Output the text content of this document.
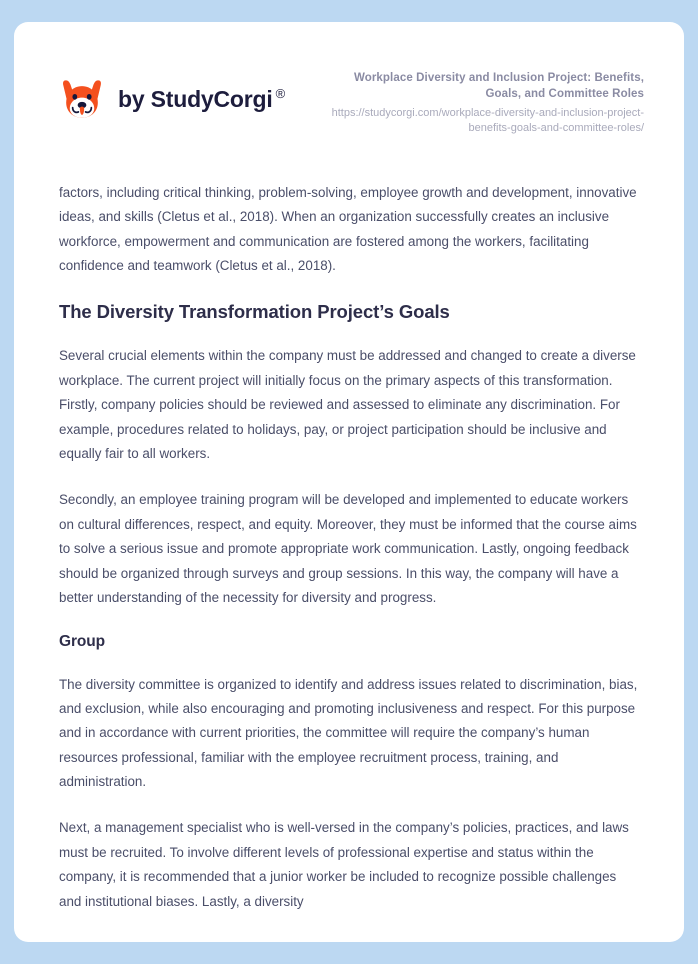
by StudyCorgi ®

Workplace Diversity and Inclusion Project: Benefits, Goals, and Committee Roles

https://studycorgi.com/workplace-diversity-and-inclusion-project-benefits-goals-and-committee-roles/

factors, including critical thinking, problem-solving, employee growth and development, innovative ideas, and skills (Cletus et al., 2018). When an organization successfully creates an inclusive workforce, empowerment and communication are fostered among the workers, facilitating confidence and teamwork (Cletus et al., 2018).

The Diversity Transformation Project’s Goals

Several crucial elements within the company must be addressed and changed to create a diverse workplace. The current project will initially focus on the primary aspects of this transformation. Firstly, company policies should be reviewed and assessed to eliminate any discrimination. For example, procedures related to holidays, pay, or project participation should be inclusive and equally fair to all workers.

Secondly, an employee training program will be developed and implemented to educate workers on cultural differences, respect, and equity. Moreover, they must be informed that the course aims to solve a serious issue and promote appropriate work communication. Lastly, ongoing feedback should be organized through surveys and group sessions. In this way, the company will have a better understanding of the necessity for diversity and progress.

Group

The diversity committee is organized to identify and address issues related to discrimination, bias, and exclusion, while also encouraging and promoting inclusiveness and respect. For this purpose and in accordance with current priorities, the committee will require the company’s human resources professional, familiar with the employee recruitment process, training, and administration.

Next, a management specialist who is well-versed in the company’s policies, practices, and laws must be recruited. To involve different levels of professional expertise and status within the company, it is recommended that a junior worker be included to recognize possible challenges and institutional biases. Lastly, a diversity
